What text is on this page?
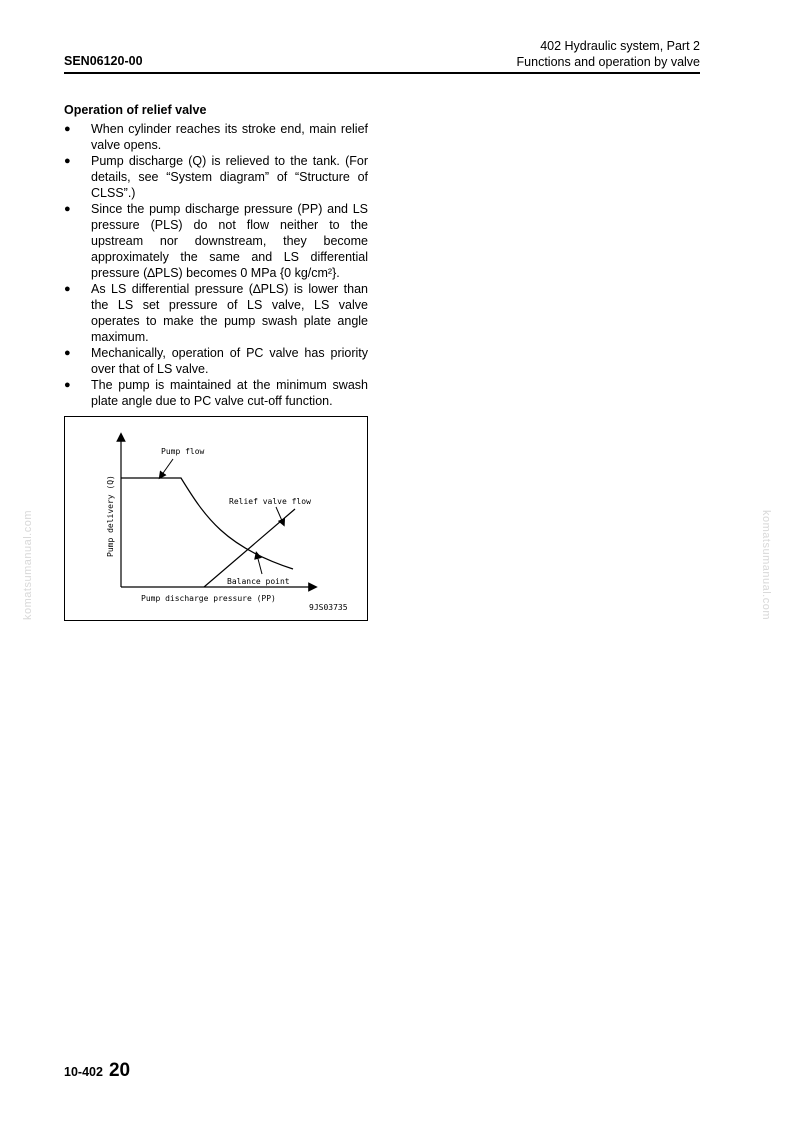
SEN06120-00
402 Hydraulic system, Part 2
Functions and operation by valve
Operation of relief valve
● When cylinder reaches its stroke end, main relief valve opens.
● Pump discharge (Q) is relieved to the tank. (For details, see “System diagram” of “Structure of CLSS”.)
● Since the pump discharge pressure (PP) and LS pressure (PLS) do not flow neither to the upstream nor downstream, they become approximately the same and LS differential pressure (∆PLS) becomes 0 MPa {0 kg/cm²}.
● As LS differential pressure (∆PLS) is lower than the LS set pressure of LS valve, LS valve operates to make the pump swash plate angle maximum.
● Mechanically, operation of PC valve has priority over that of LS valve.
● The pump is maintained at the minimum swash plate angle due to PC valve cut-off function.
Pump flow
Relief valve flow
Balance point
Pump discharge pressure (PP)
Pump delivery (Q)
9JS03735
komatsumanual.com	komatsumanual.com
10-402 20
